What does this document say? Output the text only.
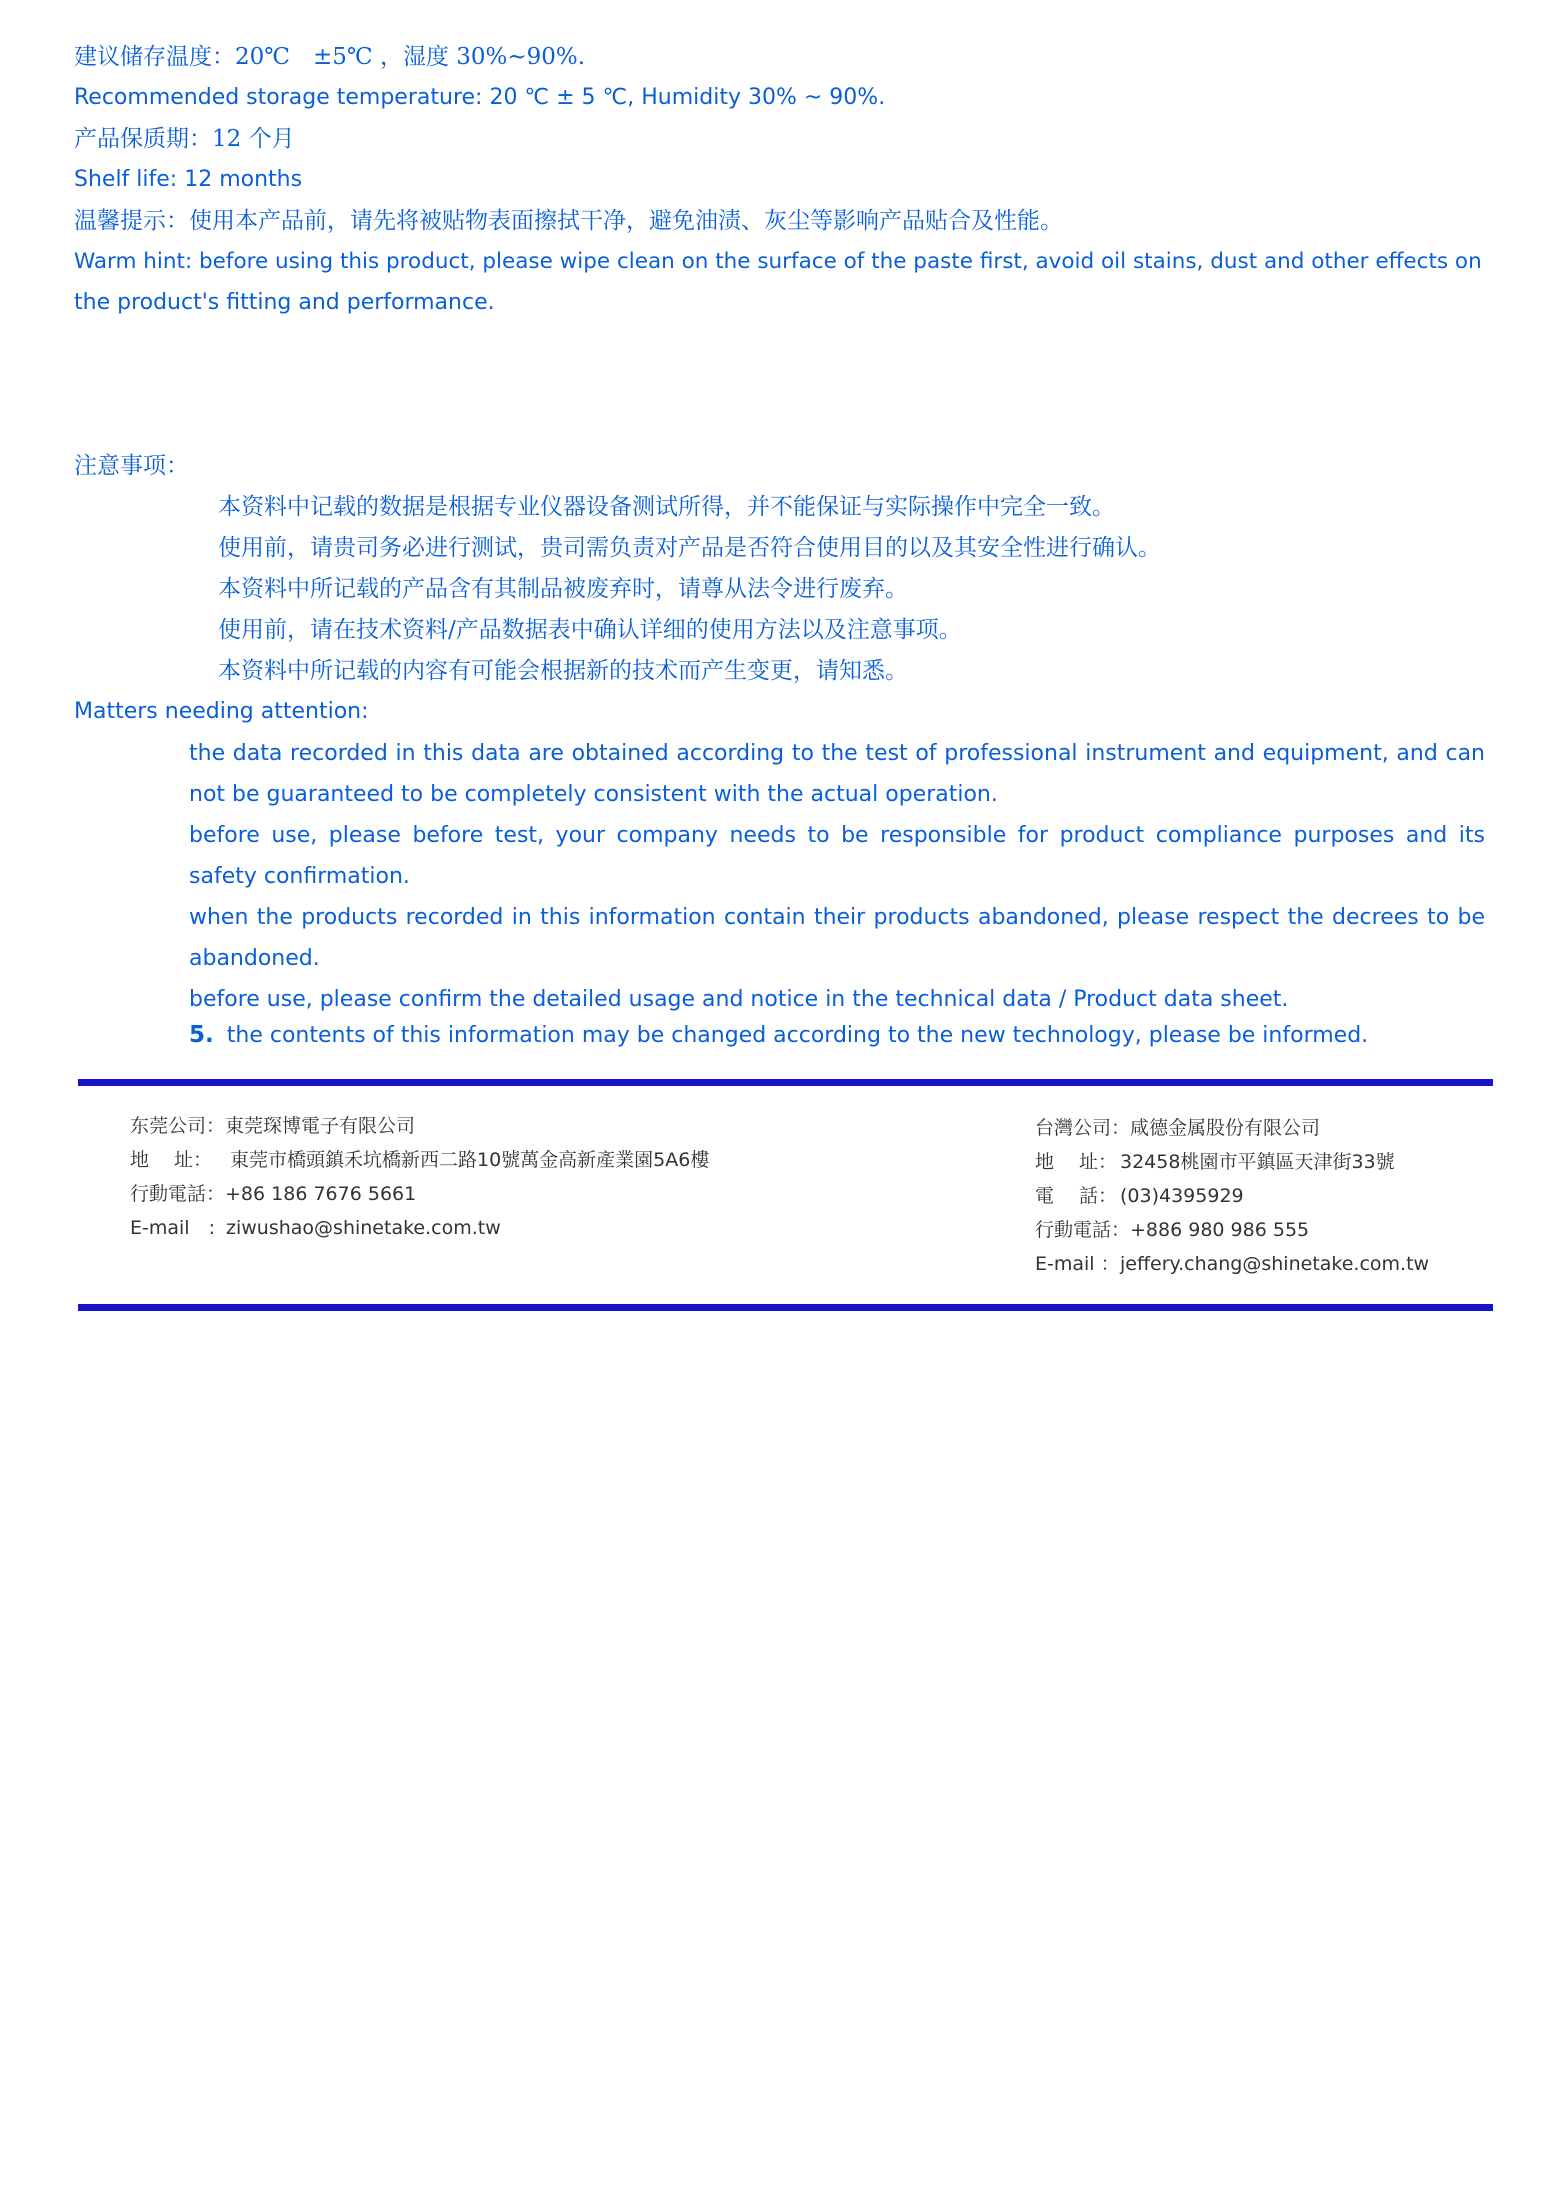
建议储存温度：20℃　±5℃ ，湿度 30%~90%.
Recommended storage temperature: 20 ℃ ± 5 ℃, Humidity 30% ~ 90%.
产品保质期：12 个月
Shelf life: 12 months
温馨提示：使用本产品前，请先将被贴物表面擦拭干净，避免油渍、灰尘等影响产品贴合及性能。
Warm hint: before using this product, please wipe clean on the surface of the paste first, avoid oil stains, dust and other effects on
the product's fitting and performance.
注意事项：
本资料中记载的数据是根据专业仪器设备测试所得，并不能保证与实际操作中完全一致。
使用前，请贵司务必进行测试，贵司需负责对产品是否符合使用目的以及其安全性进行确认。
本资料中所记载的产品含有其制品被废弃时，请尊从法令进行废弃。
使用前，请在技术资料/产品数据表中确认详细的使用方法以及注意事项。
本资料中所记载的内容有可能会根据新的技术而产生变更，请知悉。
Matters needing attention:
the data recorded in this data are obtained according to the test of professional instrument and equipment, and can not be guaranteed to be completely consistent with the actual operation.
before use, please before test, your company needs to be responsible for product compliance purposes and its safety confirmation.
when the products recorded in this information contain their products abandoned, please respect the decrees to be abandoned.
before use, please confirm the detailed usage and notice in the technical data / Product data sheet.
5. the contents of this information may be changed according to the new technology, please be informed.
东莞公司：東莞琛博電子有限公司
地　 址： 東莞市橋頭鎮禾坑橋新西二路10號萬金高新產業園5A6樓
行動電話：+86 186 7676 5661
E-mail　: ziwushao@shinetake.com.tw
台灣公司：咸德金属股份有限公司
地　 址： 32458桃園市平鎮區天津街33號
電　 話： (03)4395929
行動電話：+886 980 986 555
E-mail ：jeffery.chang@shinetake.com.tw
